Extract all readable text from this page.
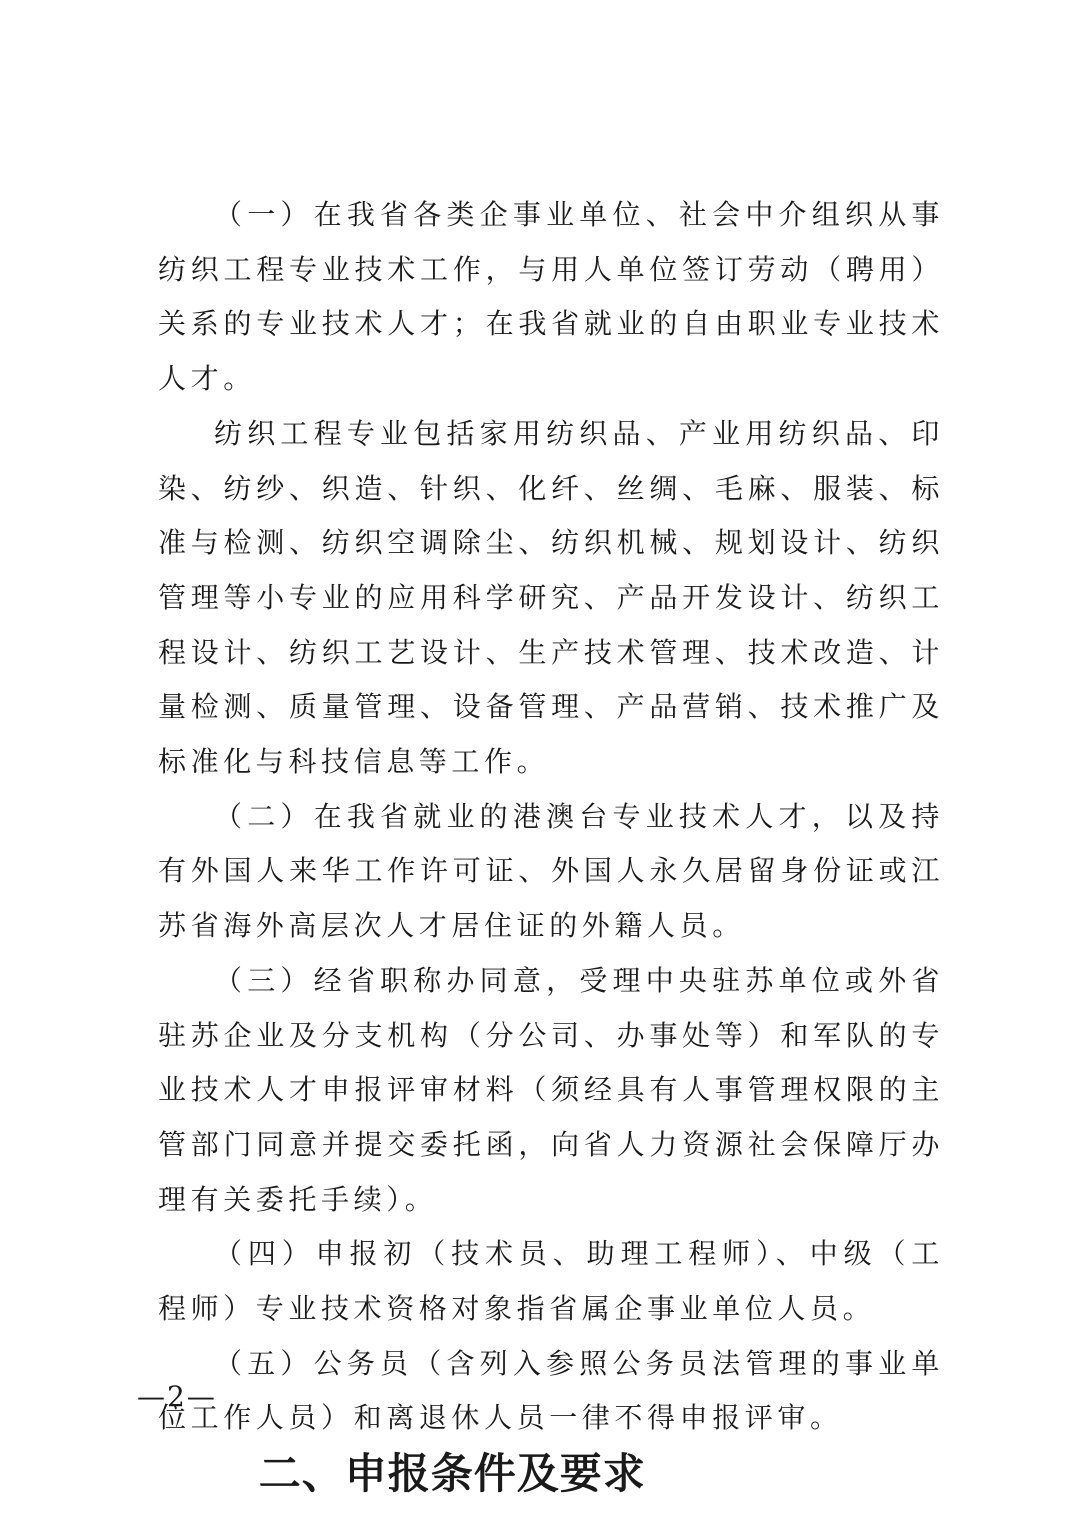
（一）在我省各类企事业单位、社会中介组织从事纺织工程专业技术工作，与用人单位签订劳动（聘用）关系的专业技术人才；在我省就业的自由职业专业技术人才。

纺织工程专业包括家用纺织品、产业用纺织品、印染、纺纱、织造、针织、化纤、丝绸、毛麻、服装、标准与检测、纺织空调除尘、纺织机械、规划设计、纺织管理等小专业的应用科学研究、产品开发设计、纺织工程设计、纺织工艺设计、生产技术管理、技术改造、计量检测、质量管理、设备管理、产品营销、技术推广及标准化与科技信息等工作。

（二）在我省就业的港澳台专业技术人才，以及持有外国人来华工作许可证、外国人永久居留身份证或江苏省海外高层次人才居住证的外籍人员。

（三）经省职称办同意，受理中央驻苏单位或外省驻苏企业及分支机构（分公司、办事处等）和军队的专业技术人才申报评审材料（须经具有人事管理权限的主管部门同意并提交委托函，向省人力资源社会保障厅办理有关委托手续）。

（四）申报初（技术员、助理工程师）、中级（工程师）专业技术资格对象指省属企事业单位人员。

（五）公务员（含列入参照公务员法管理的事业单位工作人员）和离退休人员一律不得申报评审。

二、申报条件及要求
—2—
